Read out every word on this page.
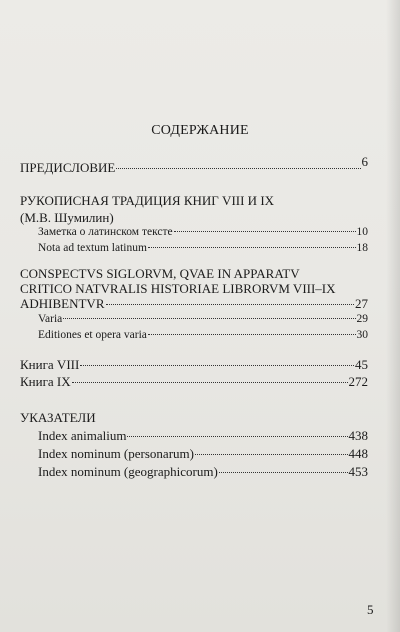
СОДЕРЖАНИЕ
ПРЕДИСЛОВИЕ	6
РУКОПИСНАЯ ТРАДИЦИЯ КНИГ VIII И IX
(М.В. Шумилин)
Заметка о латинском тексте	10
Nota ad textum latinum	18
CONSPECTVS SIGLORVM, QVAE IN APPARATV
CRITICO NATVRALIS HISTORIAE LIBRORVM VIII–IX
ADHIBENTVR	27
Varia	29
Editiones et opera varia	30
Книга VIII	45
Книга IX	272
УКАЗАТЕЛИ
Index animalium	438
Index nominum (personarum)	448
Index nominum (geographicorum)	453
5
